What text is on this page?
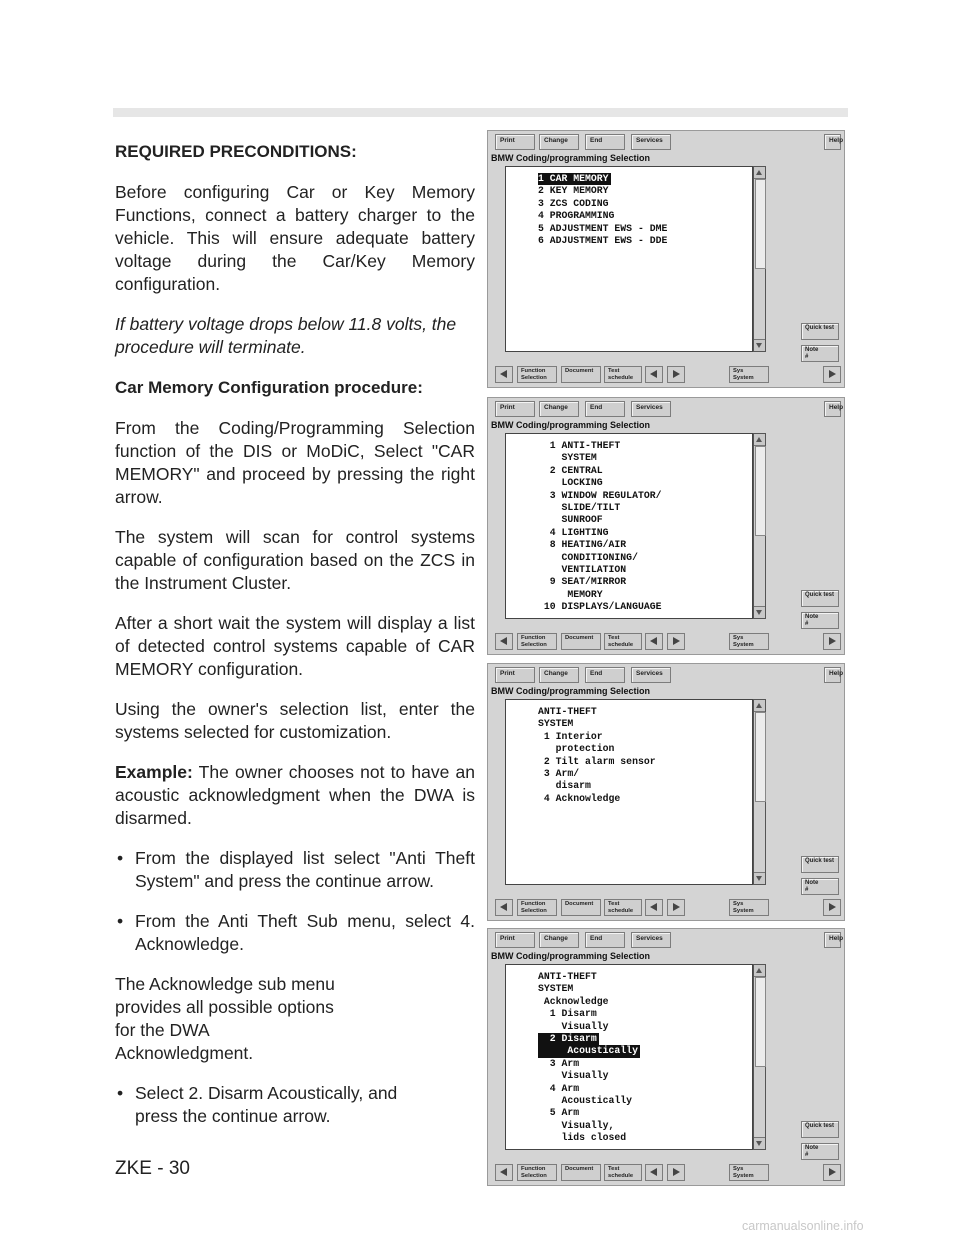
REQUIRED PRECONDITIONS:

Before configuring Car or Key Memory Functions, connect a battery charger to the vehicle. This will ensure adequate battery voltage during the Car/Key Memory configuration.

If battery voltage drops below 11.8 volts, the procedure will terminate.

Car Memory Configuration procedure:

From the Coding/Programming Selection function of the DIS or MoDiC, Select "CAR MEMORY" and proceed by pressing the right arrow.

The system will scan for control systems capable of configuration based on the ZCS in the Instrument Cluster.

After a short wait the system will display a list of detected control systems capable of CAR MEMORY configuration.

Using the owner's selection list, enter the systems selected for customization.

Example: The owner chooses not to have an acoustic acknowledgment when the DWA is disarmed.

• From the displayed list select "Anti Theft System" and press the continue arrow.
• From the Anti Theft Sub menu, select 4. Acknowledge.

The Acknowledge sub menu provides all possible options for the DWA Acknowledgment.

• Select 2. Disarm Acoustically, and press the continue arrow.
ZKE - 30
carmanualsonline.info
Print	Change	End	Services	Help
BMW Coding/programming Selection
1 CAR MEMORY
2 KEY MEMORY
3 ZCS CODING
4 PROGRAMMING
5 ADJUSTMENT EWS - DME
6 ADJUSTMENT EWS - DDE
Quick test
Note
#
Function
Selection
Document	Test
schedule
Sys
System
Print	Change	End	Services	Help
BMW Coding/programming Selection
1 ANTI-THEFT
SYSTEM
2 CENTRAL
LOCKING
3 WINDOW REGULATOR/
SLIDE/TILT
SUNROOF
4 LIGHTING
8 HEATING/AIR
CONDITIONING/
VENTILATION
9 SEAT/MIRROR
MEMORY
10 DISPLAYS/LANGUAGE
Quick test
Note
#
Function
Selection
Document	Test
schedule
Sys
System
Print	Change	End	Services	Help
BMW Coding/programming Selection
ANTI-THEFT
SYSTEM
1 Interior
protection
2 Tilt alarm sensor
3 Arm/
disarm
4 Acknowledge
Quick test
Note
#
Function
Selection
Document	Test
schedule
Sys
System
Print	Change	End	Services	Help
BMW Coding/programming Selection
ANTI-THEFT
SYSTEM
Acknowledge
1 Disarm
Visually
2 Disarm
Acoustically
3 Arm
Visually
4 Arm
Acoustically
5 Arm
Visually,
lids closed
Quick test
Note
#
Function
Selection
Document	Test
schedule
Sys
System
